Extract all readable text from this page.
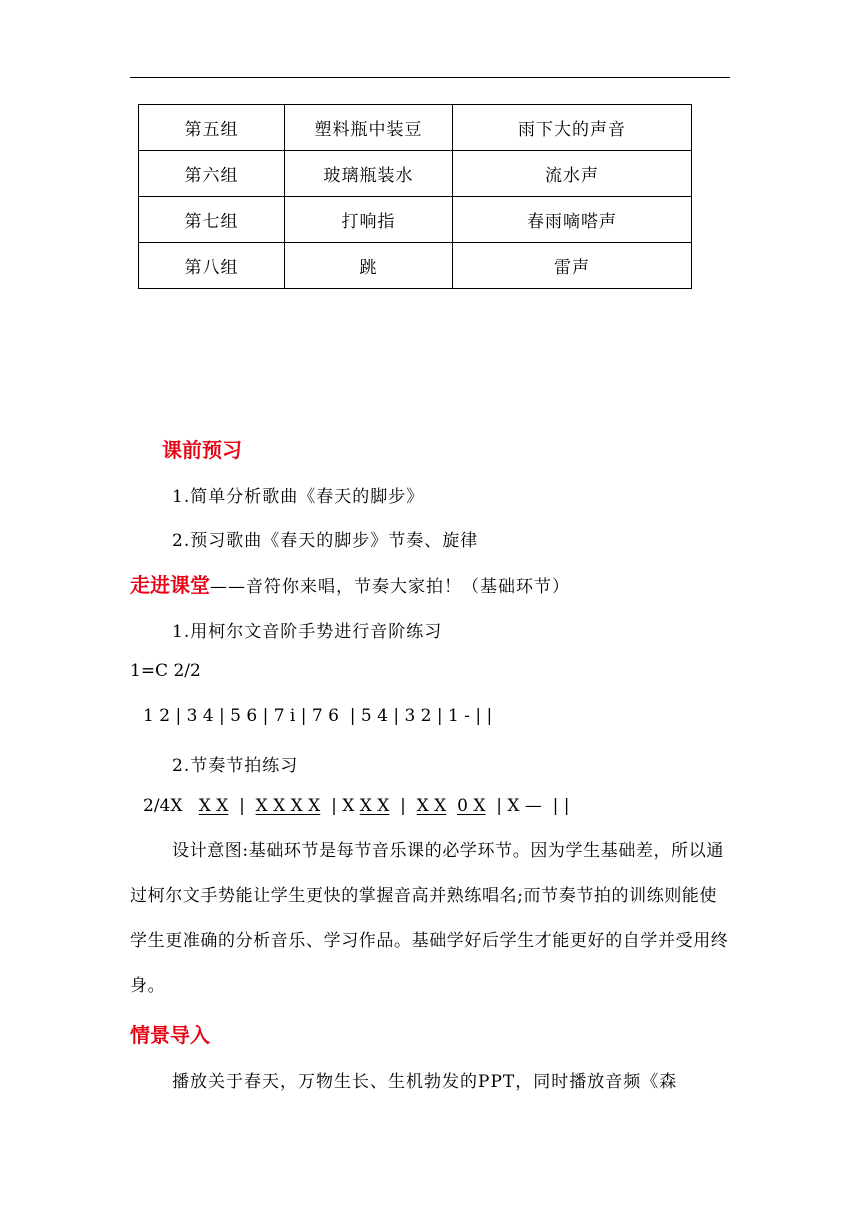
第五组	塑料瓶中装豆	雨下大的声音
第六组	玻璃瓶装水	流水声
第七组	打响指	春雨嘀嗒声
第八组	跳	雷声
课前预习
1.简单分析歌曲《春天的脚步》
2.预习歌曲《春天的脚步》节奏、旋律
走进课堂——音符你来唱，节奏大家拍！（基础环节）
1.用柯尔文音阶手势进行音阶练习
1=C 2/2
1 2 | 3 4 | 5 6 | 7 i | 7 6  | 5 4 | 3 2 | 1 - | |
2.节奏节拍练习
2/4X X X  |  X X X X  | X X X  |  X X 0 X  | X —  | |
设计意图:基础环节是每节音乐课的必学环节。因为学生基础差，所以通过柯尔文手势能让学生更快的掌握音高并熟练唱名;而节奏节拍的训练则能使学生更准确的分析音乐、学习作品。基础学好后学生才能更好的自学并受用终身。
情景导入
播放关于春天，万物生长、生机勃发的PPT，同时播放音频《森
